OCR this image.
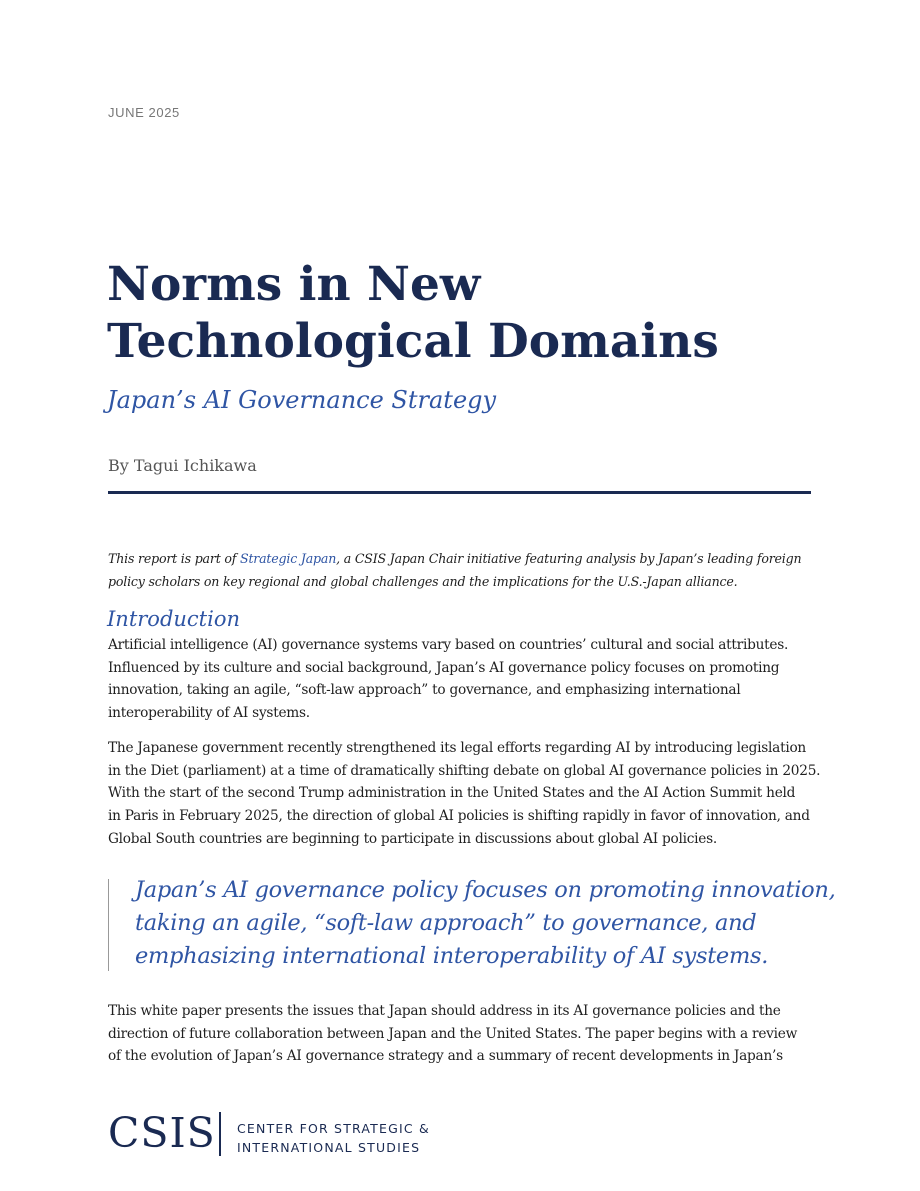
JUNE 2025
Norms in New
Technological Domains
Japan’s AI Governance Strategy
By Tagui Ichikawa
This report is part of Strategic Japan, a CSIS Japan Chair initiative featuring analysis by Japan’s leading foreign policy scholars on key regional and global challenges and the implications for the U.S.-Japan alliance.
Introduction
Artificial intelligence (AI) governance systems vary based on countries’ cultural and social attributes.
Influenced by its culture and social background, Japan’s AI governance policy focuses on promoting
innovation, taking an agile, “soft-law approach” to governance, and emphasizing international
interoperability of AI systems.
The Japanese government recently strengthened its legal efforts regarding AI by introducing legislation
in the Diet (parliament) at a time of dramatically shifting debate on global AI governance policies in 2025.
With the start of the second Trump administration in the United States and the AI Action Summit held
in Paris in February 2025, the direction of global AI policies is shifting rapidly in favor of innovation, and
Global South countries are beginning to participate in discussions about global AI policies.
Japan’s AI governance policy focuses on promoting innovation,
taking an agile, “soft-law approach” to governance, and
emphasizing international interoperability of AI systems.
This white paper presents the issues that Japan should address in its AI governance policies and the
direction of future collaboration between Japan and the United States. The paper begins with a review
of the evolution of Japan’s AI governance strategy and a summary of recent developments in Japan’s
CSIS CENTER FOR STRATEGIC &
INTERNATIONAL STUDIES
